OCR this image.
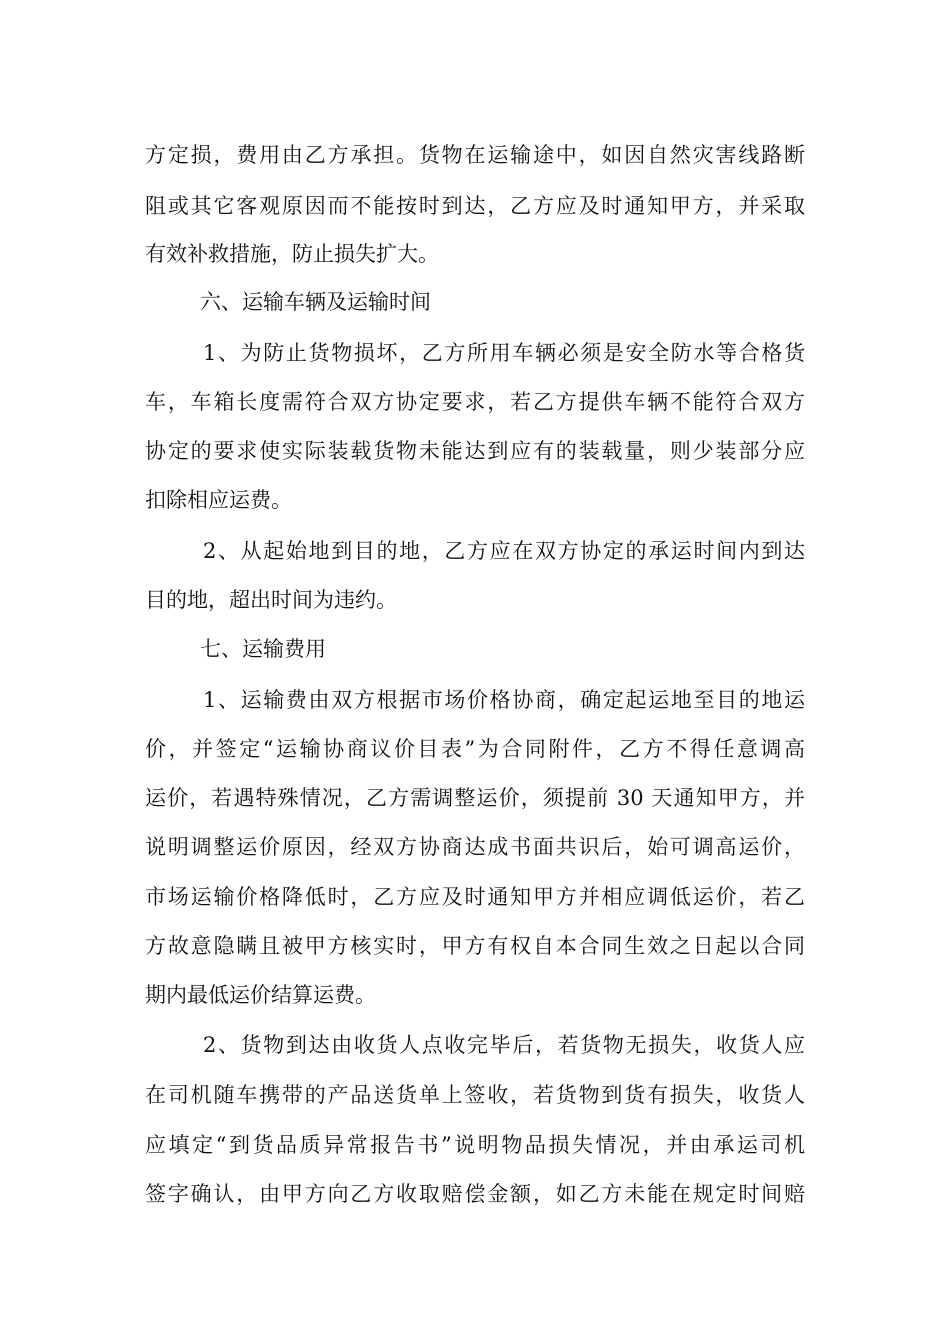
方定损，费用由乙方承担。货物在运输途中，如因自然灾害线路断
阻或其它客观原因而不能按时到达，乙方应及时通知甲方，并采取
有效补救措施，防止损失扩大。
六、运输车辆及运输时间
1、为防止货物损坏，乙方所用车辆必须是安全防水等合格货
车，车箱长度需符合双方协定要求，若乙方提供车辆不能符合双方
协定的要求使实际装载货物未能达到应有的装载量，则少装部分应
扣除相应运费。
2、从起始地到目的地，乙方应在双方协定的承运时间内到达
目的地，超出时间为违约。
七、运输费用
1、运输费由双方根据市场价格协商，确定起运地至目的地运
价，并签定“运输协商议价目表”为合同附件，乙方不得任意调高
运价，若遇特殊情况，乙方需调整运价，须提前 30 天通知甲方，并
说明调整运价原因，经双方协商达成书面共识后，始可调高运价，
市场运输价格降低时，乙方应及时通知甲方并相应调低运价，若乙
方故意隐瞒且被甲方核实时，甲方有权自本合同生效之日起以合同
期内最低运价结算运费。
2、货物到达由收货人点收完毕后，若货物无损失，收货人应
在司机随车携带的产品送货单上签收，若货物到货有损失，收货人
应填定“到货品质异常报告书”说明物品损失情况，并由承运司机
签字确认，由甲方向乙方收取赔偿金额，如乙方未能在规定时间赔
